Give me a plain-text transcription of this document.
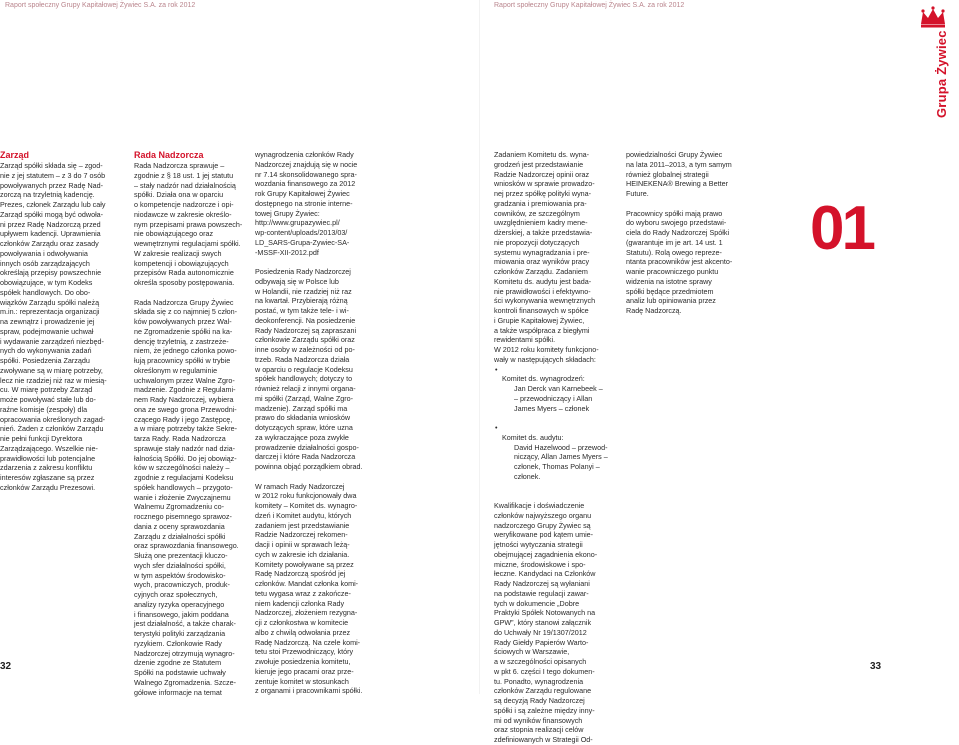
Raport społeczny Grupy Kapitałowej Żywiec S.A. za rok 2012
Zarząd

Zarząd spółki składa się – zgod-
nie z jej statutem – z 3 do 7 osób
powoływanych przez Radę Nad-
zorczą na trzyletnią kadencję.
Prezes, członek Zarządu lub cały
Zarząd spółki mogą być odwoła-
ni przez Radę Nadzorczą przed
upływem kadencji. Uprawnienia
członków Zarządu oraz zasady
powoływania i odwoływania
innych osób zarządzających
określają przepisy powszechnie
obowiązujące, w tym Kodeks
spółek handlowych. Do obo-
wiązków Zarządu spółki należą
m.in.: reprezentacja organizacji
na zewnątrz i prowadzenie jej
spraw, podejmowanie uchwał
i wydawanie zarządzeń niezbęd-
nych do wykonywania zadań
spółki. Posiedzenia Zarządu
zwoływane są w miarę potrzeby,
lecz nie rzadziej niż raz w miesią-
cu. W miarę potrzeby Zarząd
może powoływać stałe lub do-
raźne komisje (zespoły) dla
opracowania określonych zagad-
nień. Żaden z członków Zarządu
nie pełni funkcji Dyrektora
Zarządzającego. Wszelkie nie-
prawidłowości lub potencjalne
zdarzenia z zakresu konfliktu
interesów zgłaszane są przez
członków Zarządu Prezesowi.

Rada Nadzorcza

Rada Nadzorcza sprawuje –
zgodnie z § 18 ust. 1 jej statutu
– stały nadzór nad działalnością
spółki. Działa ona w oparciu
o kompetencje nadzorcze i opi-
niodawcze w zakresie określo-
nym przepisami prawa powszech-
nie obowiązującego oraz
wewnętrznymi regulacjami spółki.
W zakresie realizacji swych
kompetencji i obowiązujących
przepisów Rada autonomicznie
określa sposoby postępowania.

Rada Nadzorcza Grupy Żywiec
składa się z co najmniej 5 człon-
ków powoływanych przez Wal-
ne Zgromadzenie spółki na ka-
dencję trzyletnią, z zastrzeże-
niem, że jednego członka powo-
łują pracownicy spółki w trybie
określonym w regulaminie
uchwalonym przez Walne Zgro-
madzenie. Zgodnie z Regulami-
nem Rady Nadzorczej, wybiera
ona ze swego grona Przewodni-
czącego Rady i jego Zastępcę,
a w miarę potrzeby także Sekre-
tarza Rady. Rada Nadzorcza
sprawuje stały nadzór nad dzia-
łalnością Spółki. Do jej obowiąz-
ków w szczególności należy –
zgodnie z regulacjami Kodeksu
spółek handlowych – przygoto-
wanie i złożenie Zwyczajnemu
Walnemu Zgromadzeniu co-
rocznego pisemnego sprawoz-
dania z oceny sprawozdania
Zarządu z działalności spółki
oraz sprawozdania finansowego.
Służą one prezentacji kluczo-
wych sfer działalności spółki,
w tym aspektów środowisko-
wych, pracowniczych, produk-
cyjnych oraz społecznych,
analizy ryzyka operacyjnego
i finansowego, jakim poddana
jest działalność, a także charak-
terystyki polityki zarządzania
ryzykiem. Członkowie Rady
Nadzorczej otrzymują wynagro-
dzenie zgodne ze Statutem
Spółki na podstawie uchwały
Walnego Zgromadzenia. Szcze-
gółowe informacje na temat

wynagrodzenia członków Rady
Nadzorczej znajdują się w nocie
nr 7.14 skonsolidowanego spra-
wozdania finansowego za 2012
rok Grupy Kapitałowej Żywiec
dostępnego na stronie interne-
towej Grupy Żywiec:
http://www.grupazywiec.pl/
wp-content/uploads/2013/03/
LD_SARS-Grupa-Zywiec-SA-
-MSSF-XII-2012.pdf

Posiedzenia Rady Nadzorczej
odbywają się w Polsce lub
w Holandii, nie rzadziej niż raz
na kwartał. Przybierają różną
postać, w tym także tele- i wi-
deokonferencji. Na posiedzenie
Rady Nadzorczej są zapraszani
członkowie Zarządu spółki oraz
inne osoby w zależności od po-
trzeb. Rada Nadzorcza działa
w oparciu o regulacje Kodeksu
spółek handlowych; dotyczy to
również relacji z innymi organa-
mi spółki (Zarząd, Walne Zgro-
madzenie). Zarząd spółki ma
prawo do składania wniosków
dotyczących spraw, które uzna
za wykraczające poza zwykłe
prowadzenie działalności gospo-
darczej i które Rada Nadzorcza
powinna objąć porządkiem obrad.

W ramach Rady Nadzorczej
w 2012 roku funkcjonowały dwa
komitety – Komitet ds. wynagro-
dzeń i Komitet audytu, których
zadaniem jest przedstawianie
Radzie Nadzorczej rekomen-
dacji i opinii w sprawach leżą-
cych w zakresie ich działania.
Komitety powoływane są przez
Radę Nadzorczą spośród jej
członków. Mandat członka komi-
tetu wygasa wraz z zakończe-
niem kadencji członka Rady
Nadzorczej, złożeniem rezygna-
cji z członkostwa w komitecie
albo z chwilą odwołania przez
Radę Nadzorczą. Na czele komi-
tetu stoi Przewodniczący, który
zwołuje posiedzenia komitetu,
kieruje jego pracami oraz prze-
zentuje komitet w stosunkach
z organami i pracownikami spółki.

32
Raport społeczny Grupy Kapitałowej Żywiec S.A. za rok 2012

Zadaniem Komitetu ds. wyna-
grodzeń jest przedstawianie
Radzie Nadzorczej opinii oraz
wniosków w sprawie prowadzo-
nej przez spółkę polityki wyna-
gradzania i premiowania pra-
cowników, ze szczególnym
uwzględnieniem kadry mene-
dżerskiej, a także przedstawia-
nie propozycji dotyczących
systemu wynagradzania i pre-
miowania oraz wyników pracy
członków Zarządu. Zadaniem
Komitetu ds. audytu jest bada-
nie prawidłowości i efektywno-
ści wykonywania wewnętrznych
kontroli finansowych w spółce
i Grupie Kapitałowej Żywiec,
a także współpraca z biegłymi
rewidentami spółki.
W 2012 roku komitety funkcjono-
wały w następujących składach:

• Komitet ds. wynagrodzeń:

Jan Derck van Karnebeek –
– przewodniczący i Allan
James Myers – członek

• Komitet ds. audytu:

David Hazelwood – przewod-
niczący, Allan James Myers –
członek, Thomas Polanyi –
członek.

Kwalifikacje i doświadczenie
członków najwyższego organu
nadzorczego Grupy Żywiec są
weryfikowane pod kątem umie-
jętności wytyczania strategii
obejmującej zagadnienia ekono-
miczne, środowiskowe i spo-
łeczne. Kandydaci na Członków
Rady Nadzorczej są wyłaniani
na podstawie regulacji zawar-
tych w dokumencie „Dobre
Praktyki Spółek Notowanych na
GPW”, który stanowi załącznik
do Uchwały Nr 19/1307/2012
Rady Giełdy Papierów Warto-
ściowych w Warszawie,
a w szczególności opisanych
w pkt 6. części I tego dokumen-
tu. Ponadto, wynagrodzenia
członków Zarządu regulowane
są decyzją Rady Nadzorczej
spółki i są zależne między inny-
mi od wyników finansowych
oraz stopnia realizacji celów
zdefiniowanych w Strategii Od-

powiedzialności Grupy Żywiec
na lata 2011–2013, a tym samym
również globalnej strategii
HEINEKENA® Brewing a Better
Future.

Pracownicy spółki mają prawo
do wyboru swojego przedstawi-
ciela do Rady Nadzorczej Spółki
(gwarantuje im je art. 14 ust. 1
Statutu). Rolą owego repreze-
ntanta pracowników jest akcento-
wanie pracowniczego punktu
widzenia na istotne sprawy
spółki będące przedmiotem
analiz lub opiniowania przez
Radę Nadzorczą.

01
Grupa Żywiec
33
